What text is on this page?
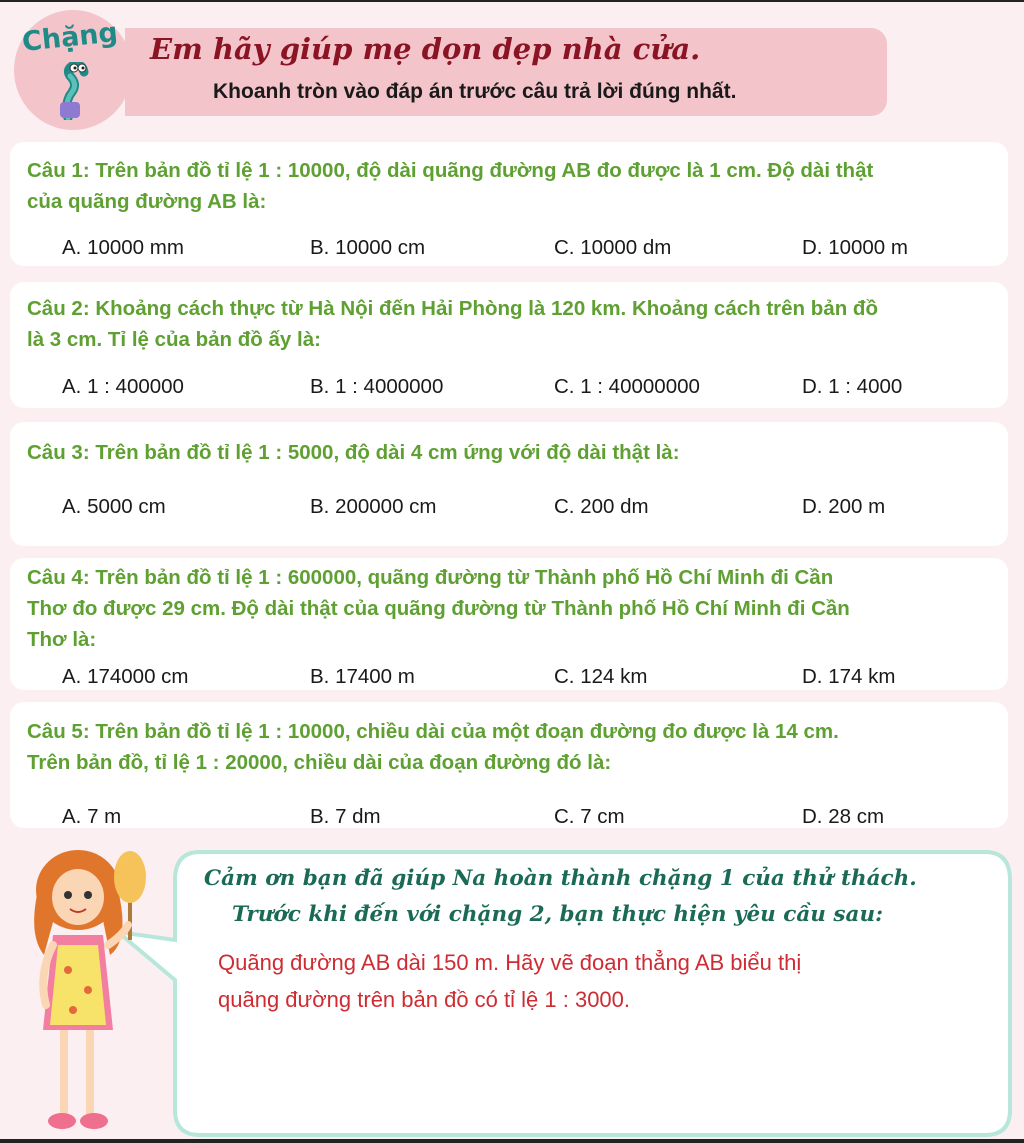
Chặng Em hãy giúp mẹ dọn dẹp nhà cửa.
Khoanh tròn vào đáp án trước câu trả lời đúng nhất.
Câu 1: Trên bản đồ tỉ lệ 1 : 10000, độ dài quãng đường AB đo được là 1 cm. Độ dài thật
của quãng đường AB là:
A. 10000 mm	B. 10000 cm	C. 10000 dm	D. 10000 m
Câu 2: Khoảng cách thực từ Hà Nội đến Hải Phòng là 120 km. Khoảng cách trên bản đồ
là 3 cm. Tỉ lệ của bản đồ ấy là:
A. 1 : 400000	B. 1 : 4000000	C. 1 : 40000000	D. 1 : 4000
Câu 3: Trên bản đồ tỉ lệ 1 : 5000, độ dài 4 cm ứng với độ dài thật là:
A. 5000 cm	B. 200000 cm	C. 200 dm	D. 200 m
Câu 4: Trên bản đồ tỉ lệ 1 : 600000, quãng đường từ Thành phố Hồ Chí Minh đi Cần
Thơ đo được 29 cm. Độ dài thật của quãng đường từ Thành phố Hồ Chí Minh đi Cần
Thơ là:
A. 174000 cm	B. 17400 m	C. 124 km	D. 174 km
Câu 5: Trên bản đồ tỉ lệ 1 : 10000, chiều dài của một đoạn đường đo được là 14 cm.
Trên bản đồ, tỉ lệ 1 : 20000, chiều dài của đoạn đường đó là:
A. 7 m	B. 7 dm	C. 7 cm	D. 28 cm
Cảm ơn bạn đã giúp Na hoàn thành chặng 1 của thử thách.
Trước khi đến với chặng 2, bạn thực hiện yêu cầu sau:
Quãng đường AB dài 150 m. Hãy vẽ đoạn thẳng AB biểu thị
quãng đường trên bản đồ có tỉ lệ 1 : 3000.
